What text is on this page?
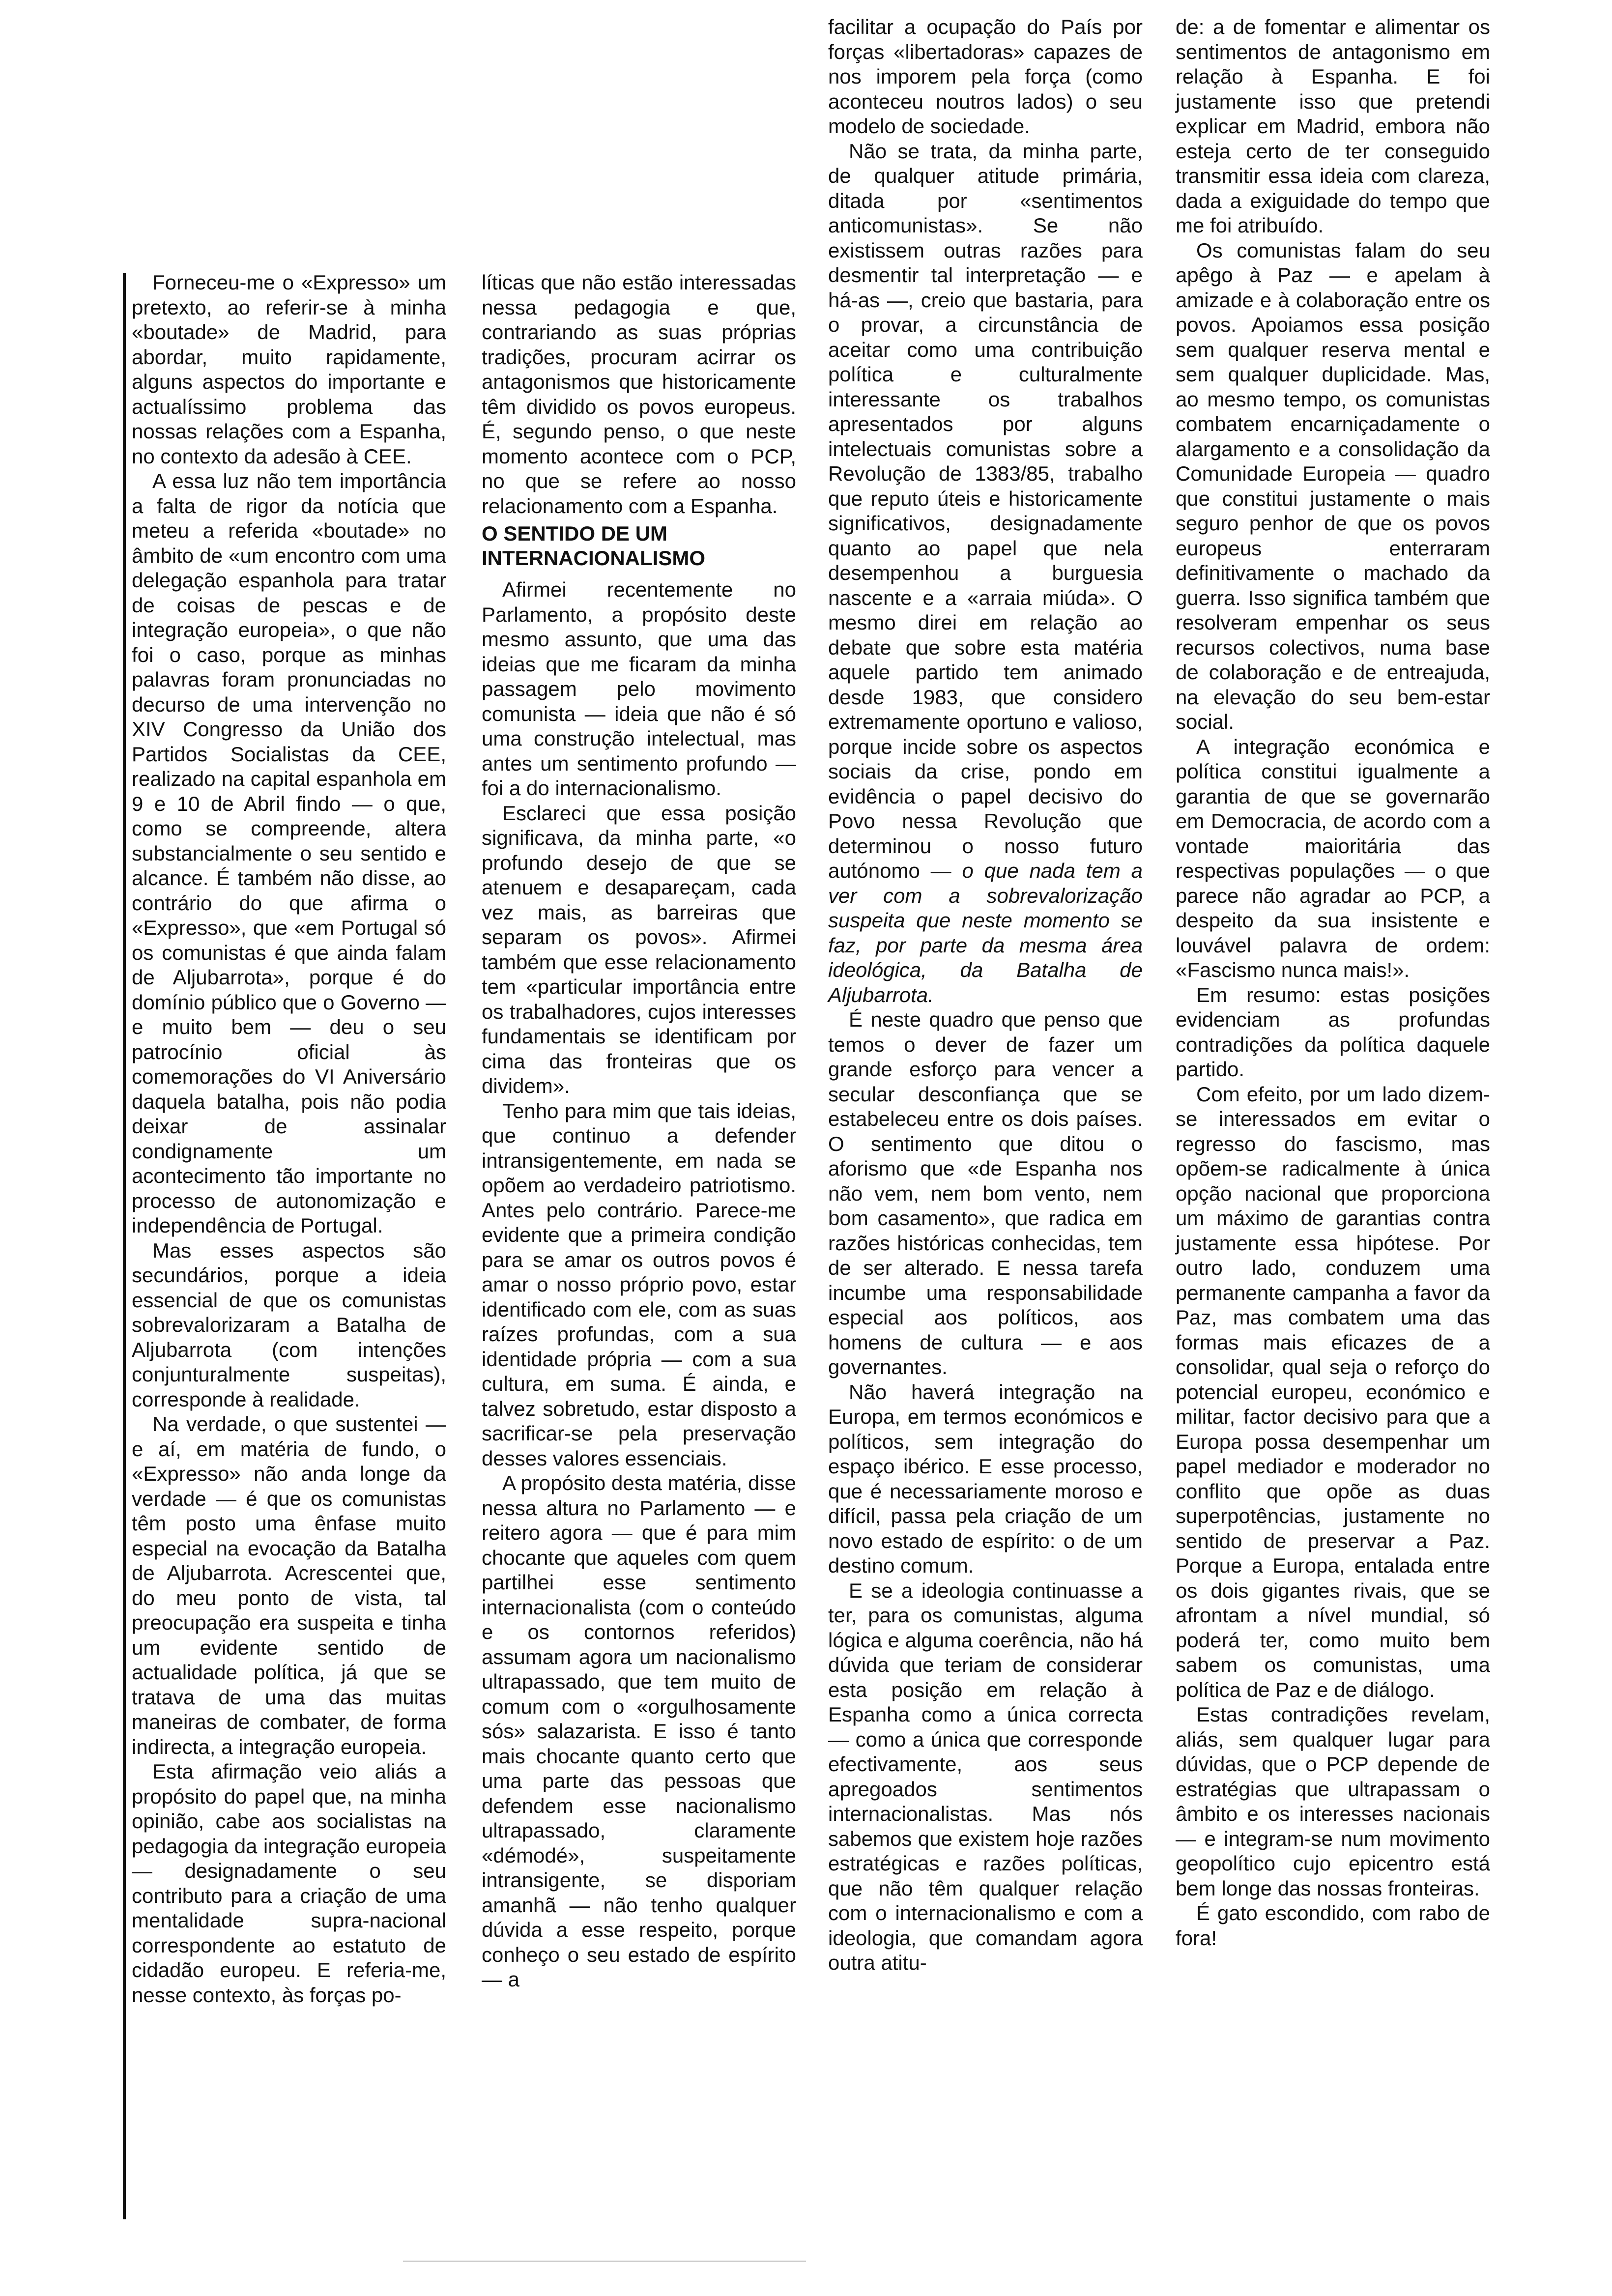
Forneceu-me o «Expresso» um pretexto, ao referir-se à minha «boutade» de Madrid, para abordar, muito rapidamente, alguns aspectos do importante e actualíssimo problema das nossas relações com a Espanha, no contexto da adesão à CEE.

A essa luz não tem importância a falta de rigor da notícia que meteu a referida «boutade» no âmbito de «um encontro com uma delegação espanhola para tratar de coisas de pescas e de integração europeia», o que não foi o caso, porque as minhas palavras foram pronunciadas no decurso de uma intervenção no XIV Congresso da União dos Partidos Socialistas da CEE, realizado na capital espanhola em 9 e 10 de Abril findo — o que, como se compreende, altera substancialmente o seu sentido e alcance. É também não disse, ao contrário do que afirma o «Expresso», que «em Portugal só os comunistas é que ainda falam de Aljubarrota», porque é do domínio público que o Governo — e muito bem — deu o seu patrocínio oficial às comemorações do VI Aniversário daquela batalha, pois não podia deixar de assinalar condignamente um acontecimento tão importante no processo de autonomização e independência de Portugal.

Mas esses aspectos são secundários, porque a ideia essencial de que os comunistas sobrevalorizaram a Batalha de Aljubarrota (com intenções conjunturalmente suspeitas), corresponde à realidade.

Na verdade, o que sustentei — e aí, em matéria de fundo, o «Expresso» não anda longe da verdade — é que os comunistas têm posto uma ênfase muito especial na evocação da Batalha de Aljubarrota. Acrescentei que, do meu ponto de vista, tal preocupação era suspeita e tinha um evidente sentido de actualidade política, já que se tratava de uma das muitas maneiras de combater, de forma indirecta, a integração europeia.

Esta afirmação veio aliás a propósito do papel que, na minha opinião, cabe aos socialistas na pedagogia da integração europeia — designadamente o seu contributo para a criação de uma mentalidade supra-nacional correspondente ao estatuto de cidadão europeu. E referia-me, nesse contexto, às forças po-

líticas que não estão interessadas nessa pedagogia e que, contrariando as suas próprias tradições, procuram acirrar os antagonismos que historicamente têm dividido os povos europeus. É, segundo penso, o que neste momento acontece com o PCP, no que se refere ao nosso relacionamento com a Espanha.

O SENTIDO DE UM INTERNACIONALISMO

Afirmei recentemente no Parlamento, a propósito deste mesmo assunto, que uma das ideias que me ficaram da minha passagem pelo movimento comunista — ideia que não é só uma construção intelectual, mas antes um sentimento profundo — foi a do internacionalismo.

Esclareci que essa posição significava, da minha parte, «o profundo desejo de que se atenuem e desapareçam, cada vez mais, as barreiras que separam os povos». Afirmei também que esse relacionamento tem «particular importância entre os trabalhadores, cujos interesses fundamentais se identificam por cima das fronteiras que os dividem».

Tenho para mim que tais ideias, que continuo a defender intransigentemente, em nada se opõem ao verdadeiro patriotismo. Antes pelo contrário. Parece-me evidente que a primeira condição para se amar os outros povos é amar o nosso próprio povo, estar identificado com ele, com as suas raízes profundas, com a sua identidade própria — com a sua cultura, em suma. É ainda, e talvez sobretudo, estar disposto a sacrificar-se pela preservação desses valores essenciais.

A propósito desta matéria, disse nessa altura no Parlamento — e reitero agora — que é para mim chocante que aqueles com quem partilhei esse sentimento internacionalista (com o conteúdo e os contornos referidos) assumam agora um nacionalismo ultrapassado, que tem muito de comum com o «orgulhosamente sós» salazarista. E isso é tanto mais chocante quanto certo que uma parte das pessoas que defendem esse nacionalismo ultrapassado, claramente «démodé», suspeitamente intransigente, se disporiam amanhã — não tenho qualquer dúvida a esse respeito, porque conheço o seu estado de espírito — a

facilitar a ocupação do País por forças «libertadoras» capazes de nos imporem pela força (como aconteceu noutros lados) o seu modelo de sociedade.

Não se trata, da minha parte, de qualquer atitude primária, ditada por «sentimentos anticomunistas». Se não existissem outras razões para desmentir tal interpretação — e há-as —, creio que bastaria, para o provar, a circunstância de aceitar como uma contribuição política e culturalmente interessante os trabalhos apresentados por alguns intelectuais comunistas sobre a Revolução de 1383/85, trabalho que reputo úteis e historicamente significativos, designadamente quanto ao papel que nela desempenhou a burguesia nascente e a «arraia miúda». O mesmo direi em relação ao debate que sobre esta matéria aquele partido tem animado desde 1983, que considero extremamente oportuno e valioso, porque incide sobre os aspectos sociais da crise, pondo em evidência o papel decisivo do Povo nessa Revolução que determinou o nosso futuro autónomo — o que nada tem a ver com a sobrevalorização suspeita que neste momento se faz, por parte da mesma área ideológica, da Batalha de Aljubarrota.

É neste quadro que penso que temos o dever de fazer um grande esforço para vencer a secular desconfiança que se estabeleceu entre os dois países. O sentimento que ditou o aforismo que «de Espanha nos não vem, nem bom vento, nem bom casamento», que radica em razões históricas conhecidas, tem de ser alterado. E nessa tarefa incumbe uma responsabilidade especial aos políticos, aos homens de cultura — e aos governantes.

Não haverá integração na Europa, em termos económicos e políticos, sem integração do espaço ibérico. E esse processo, que é necessariamente moroso e difícil, passa pela criação de um novo estado de espírito: o de um destino comum.

E se a ideologia continuasse a ter, para os comunistas, alguma lógica e alguma coerência, não há dúvida que teriam de considerar esta posição em relação à Espanha como a única correcta — como a única que corresponde efectivamente, aos seus apregoados sentimentos internacionalistas. Mas nós sabemos que existem hoje razões estratégicas e razões políticas, que não têm qualquer relação com o internacionalismo e com a ideologia, que comandam agora outra atitu-

de: a de fomentar e alimentar os sentimentos de antagonismo em relação à Espanha. E foi justamente isso que pretendi explicar em Madrid, embora não esteja certo de ter conseguido transmitir essa ideia com clareza, dada a exiguidade do tempo que me foi atribuído.

Os comunistas falam do seu apêgo à Paz — e apelam à amizade e à colaboração entre os povos. Apoiamos essa posição sem qualquer reserva mental e sem qualquer duplicidade. Mas, ao mesmo tempo, os comunistas combatem encarniçadamente o alargamento e a consolidação da Comunidade Europeia — quadro que constitui justamente o mais seguro penhor de que os povos europeus enterraram definitivamente o machado da guerra. Isso significa também que resolveram empenhar os seus recursos colectivos, numa base de colaboração e de entreajuda, na elevação do seu bem-estar social.

A integração económica e política constitui igualmente a garantia de que se governarão em Democracia, de acordo com a vontade maioritária das respectivas populações — o que parece não agradar ao PCP, a despeito da sua insistente e louvável palavra de ordem: «Fascismo nunca mais!».

Em resumo: estas posições evidenciam as profundas contradições da política daquele partido.

Com efeito, por um lado dizem-se interessados em evitar o regresso do fascismo, mas opõem-se radicalmente à única opção nacional que proporciona um máximo de garantias contra justamente essa hipótese. Por outro lado, conduzem uma permanente campanha a favor da Paz, mas combatem uma das formas mais eficazes de a consolidar, qual seja o reforço do potencial europeu, económico e militar, factor decisivo para que a Europa possa desempenhar um papel mediador e moderador no conflito que opõe as duas superpotências, justamente no sentido de preservar a Paz. Porque a Europa, entalada entre os dois gigantes rivais, que se afrontam a nível mundial, só poderá ter, como muito bem sabem os comunistas, uma política de Paz e de diálogo.

Estas contradições revelam, aliás, sem qualquer lugar para dúvidas, que o PCP depende de estratégias que ultrapassam o âmbito e os interesses nacionais — e integram-se num movimento geopolítico cujo epicentro está bem longe das nossas fronteiras.

É gato escondido, com rabo de fora!
